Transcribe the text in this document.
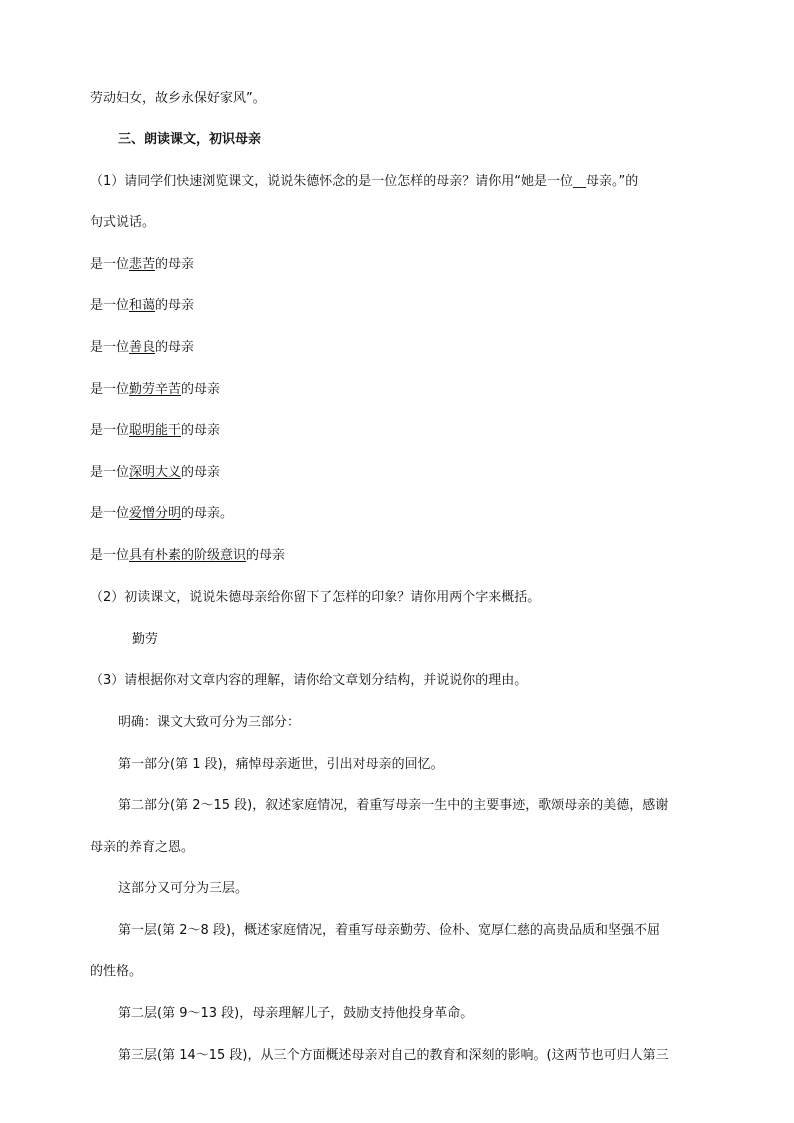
劳动妇女，故乡永保好家风”。
三、朗读课文，初识母亲
（1）请同学们快速浏览课文，说说朱德怀念的是一位怎样的母亲？请你用“她是一位__母亲。”的
句式说话。
是一位悲苦的母亲
是一位和蔼的母亲
是一位善良的母亲
是一位勤劳辛苦的母亲
是一位聪明能干的母亲
是一位深明大义的母亲
是一位爱憎分明的母亲。
是一位具有朴素的阶级意识的母亲
（2）初读课文，说说朱德母亲给你留下了怎样的印象？请你用两个字来概括。
勤劳
（3）请根据你对文章内容的理解，请你给文章划分结构，并说说你的理由。
明确：课文大致可分为三部分：
第一部分(第 1 段)，痛悼母亲逝世，引出对母亲的回忆。
第二部分(第 2～15 段)，叙述家庭情况，着重写母亲一生中的主要事迹，歌颂母亲的美德，感谢
母亲的养育之恩。
这部分又可分为三层。
第一层(第 2～8 段)，概述家庭情况，着重写母亲勤劳、俭朴、宽厚仁慈的高贵品质和坚强不屈
的性格。
第二层(第 9～13 段)，母亲理解儿子，鼓励支持他投身革命。
第三层(第 14～15 段)，从三个方面概述母亲对自己的教育和深刻的影响。(这两节也可归人第三
